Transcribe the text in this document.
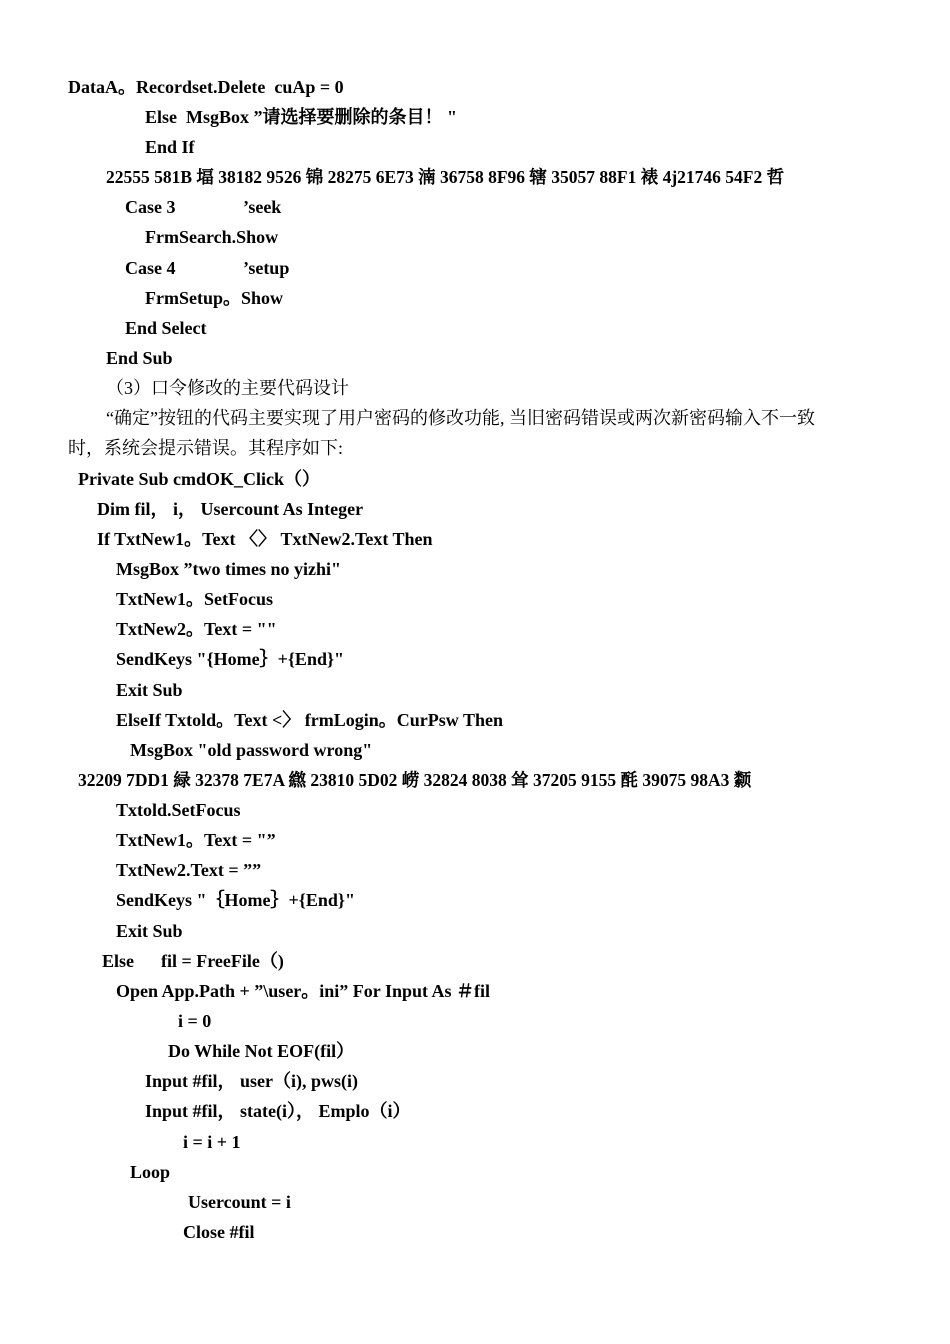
DataA。Recordset.Delete  cuAp = 0
Else  MsgBox ”请选择要删除的条目！ "
End If
22555 581B 堛 38182 9526 锦 28275 6E73 湳 36758 8F96 辖 35057 88F1 裱 4j21746 54F2 哲
Case 3               ’seek
FrmSearch.Show
Case 4               ’setup
FrmSetup。Show
End Select
End Sub
（3）口令修改的主要代码设计
“确定”按钮的代码主要实现了用户密码的修改功能, 当旧密码错误或两次新密码输入不一致
时，系统会提示错误。其程序如下:
Private Sub cmdOK_Click（）
Dim fil， i， Usercount As Integer
If TxtNew1。Text 〈〉 TxtNew2.Text Then
MsgBox ”two times no yizhi"
TxtNew1。SetFocus
TxtNew2。Text = ""
SendKeys "{Home｝+{End}"
Exit Sub
ElseIf Txtold。Text <〉 frmLogin。CurPsw Then
MsgBox "old password wrong"
32209 7DD1 緑 32378 7E7A 繺 23810 5D02 崂 32824 8038 耸 37205 9155 酕 39075 98A3 颣
Txtold.SetFocus
TxtNew1。Text = "”
TxtNew2.Text = ””
SendKeys "｛Home｝+{End}"
Exit Sub
Else      fil = FreeFile（)
Open App.Path + ”\user。ini” For Input As ＃fil
i = 0
Do While Not EOF(fil）
Input #fil， user（i), pws(i)
Input #fil， state(i）， Emplo（i）
i = i + 1
Loop
Usercount = i
Close #fil
